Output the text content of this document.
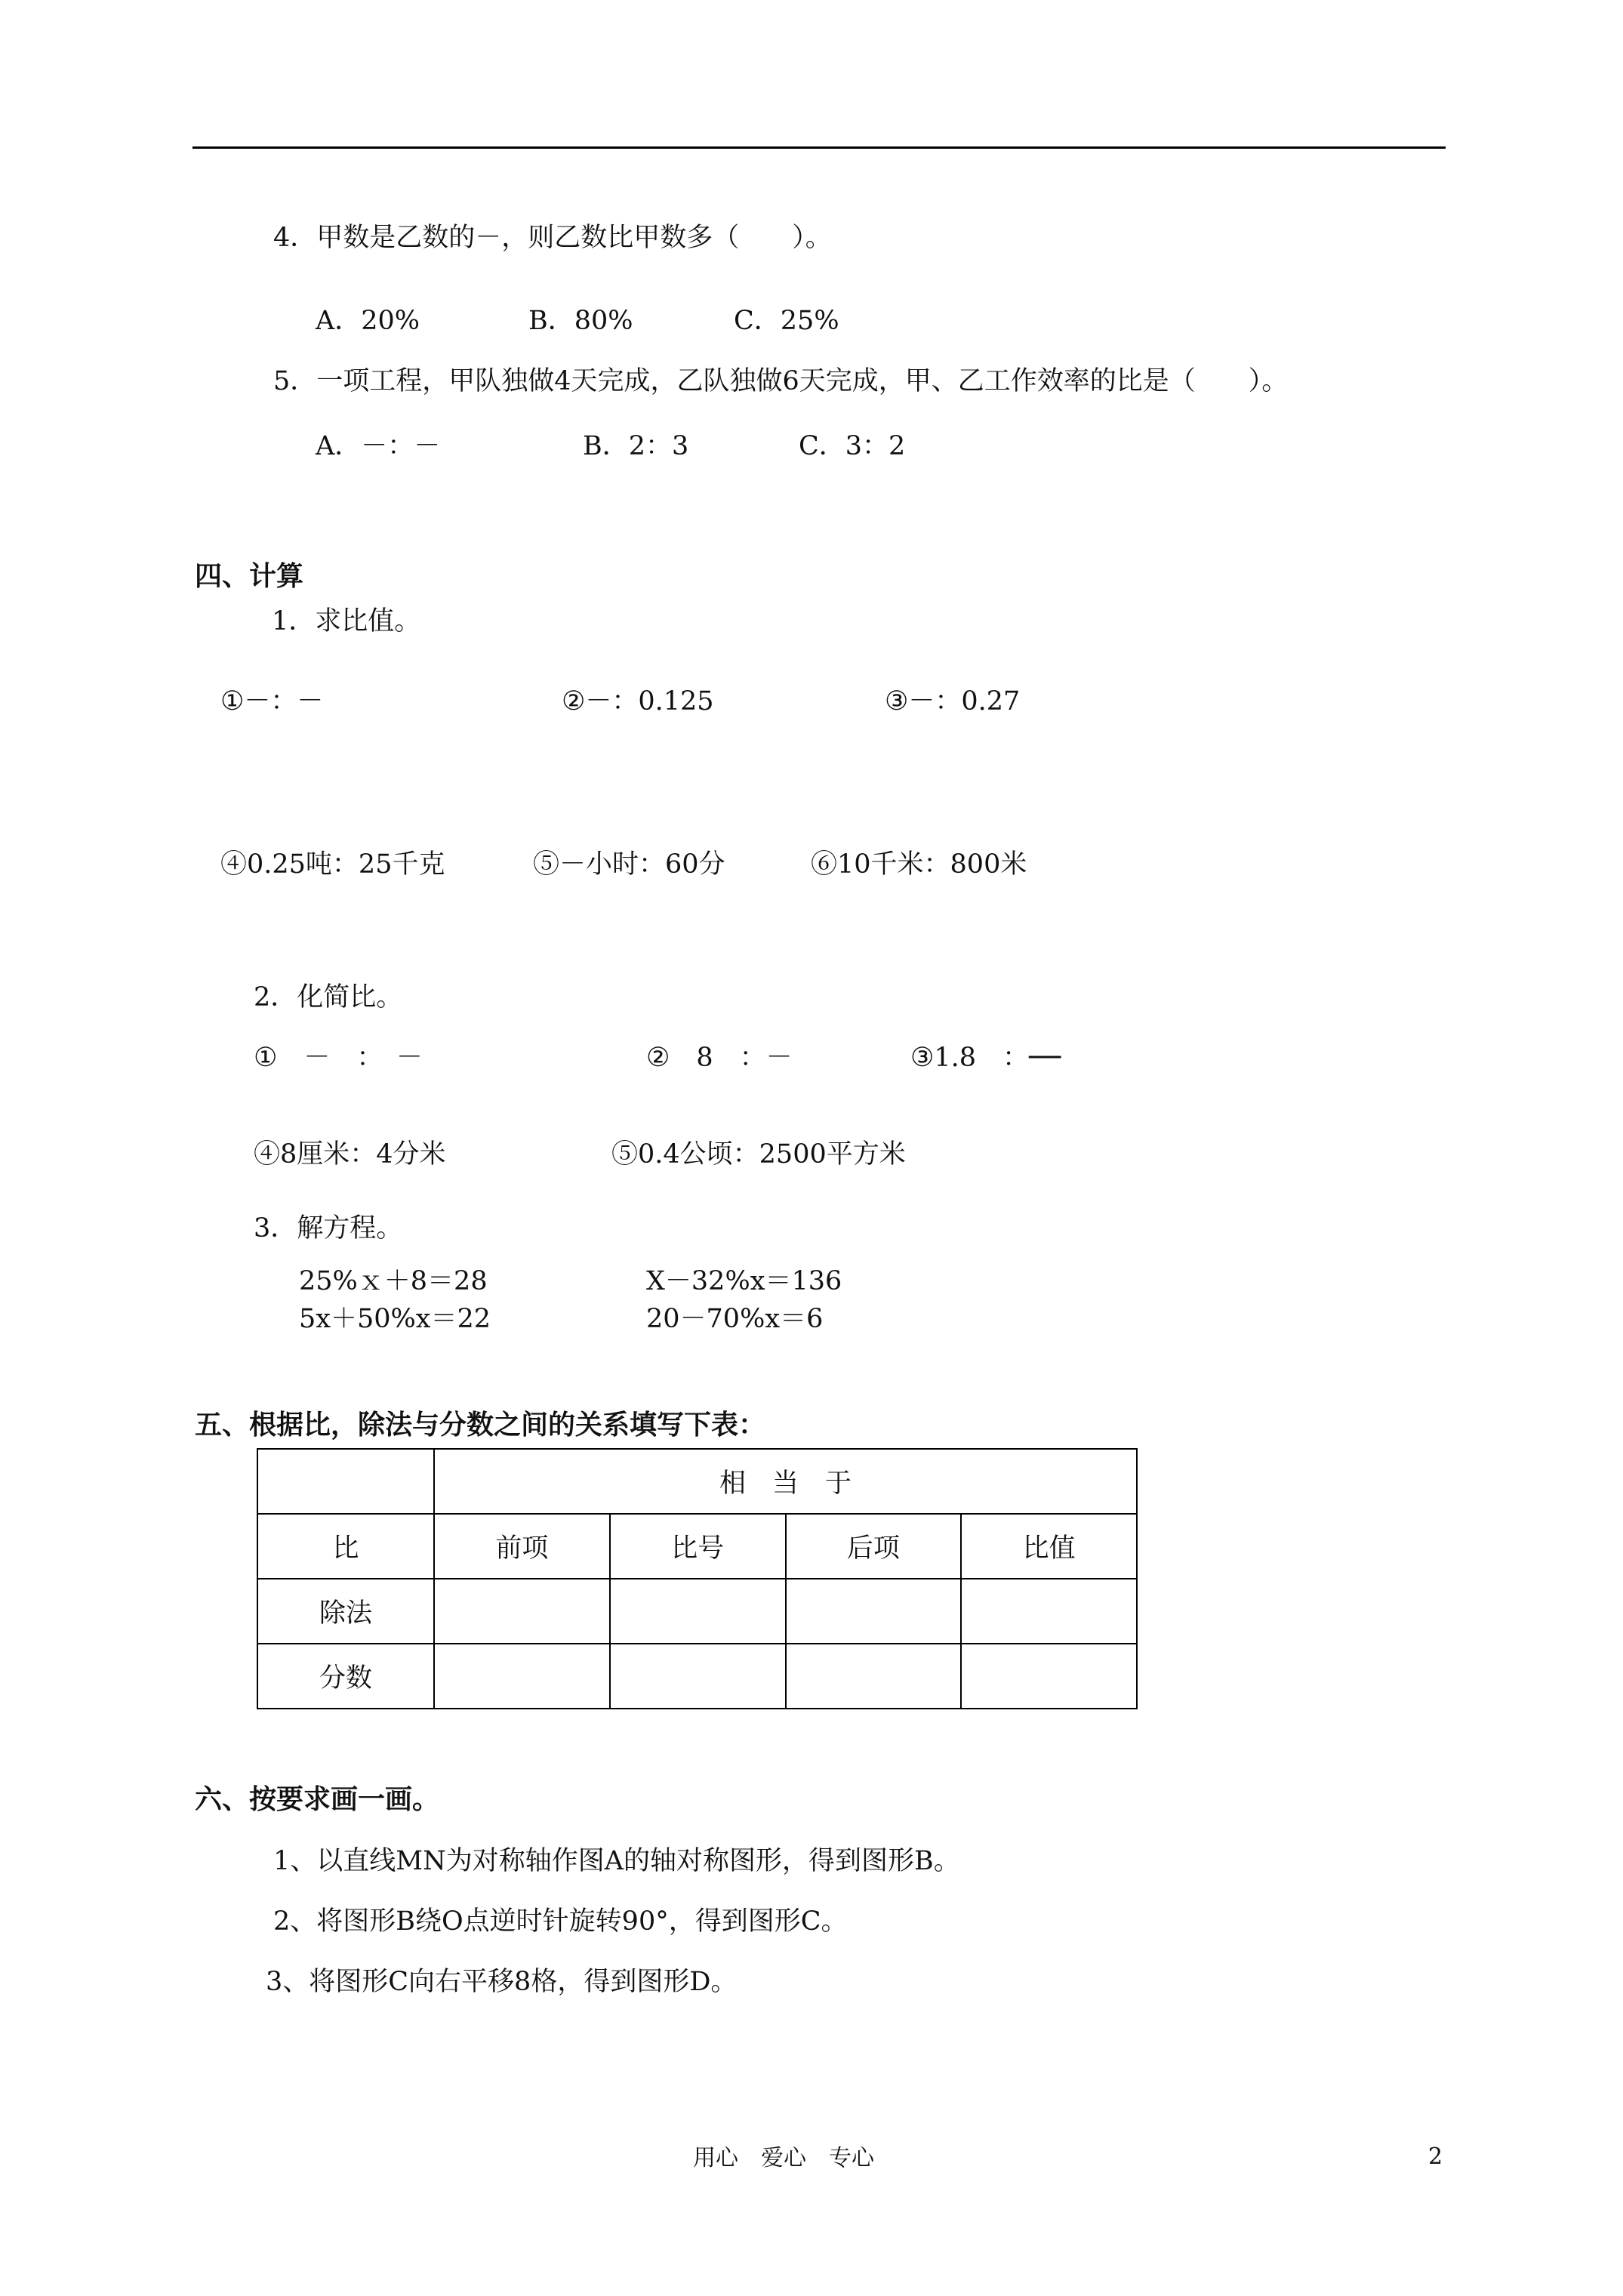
4．甲数是乙数的－，则乙数比甲数多（　　）。
A．20%	B．80%	C．25%
5．一项工程，甲队独做4天完成，乙队独做6天完成，甲、乙工作效率的比是（　　）。
A．－：－	B．2：3	C．3：2
四、计算
1．求比值。
①－：－	②－：0.125	③－：0.27
④0.25吨：25千克	⑤－小时：60分	⑥10千米：800米
2．化简比。
①　－　：　－	②　8　：－	③1.8　：──
④8厘米：4分米	⑤0.4公顷：2500平方米
3．解方程。
25%ｘ＋8＝28	X－32%x＝136
5x＋50%x＝22	20－70%x＝6
五、根据比，除法与分数之间的关系填写下表：
	相　当　于			
比	前项	比号	后项	比值
除法				
分数				
六、按要求画一画。
1、以直线MN为对称轴作图A的轴对称图形，得到图形B。
2、将图形B绕O点逆时针旋转90°，得到图形C。
3、将图形C向右平移8格，得到图形D。
用心　爱心　专心	2
